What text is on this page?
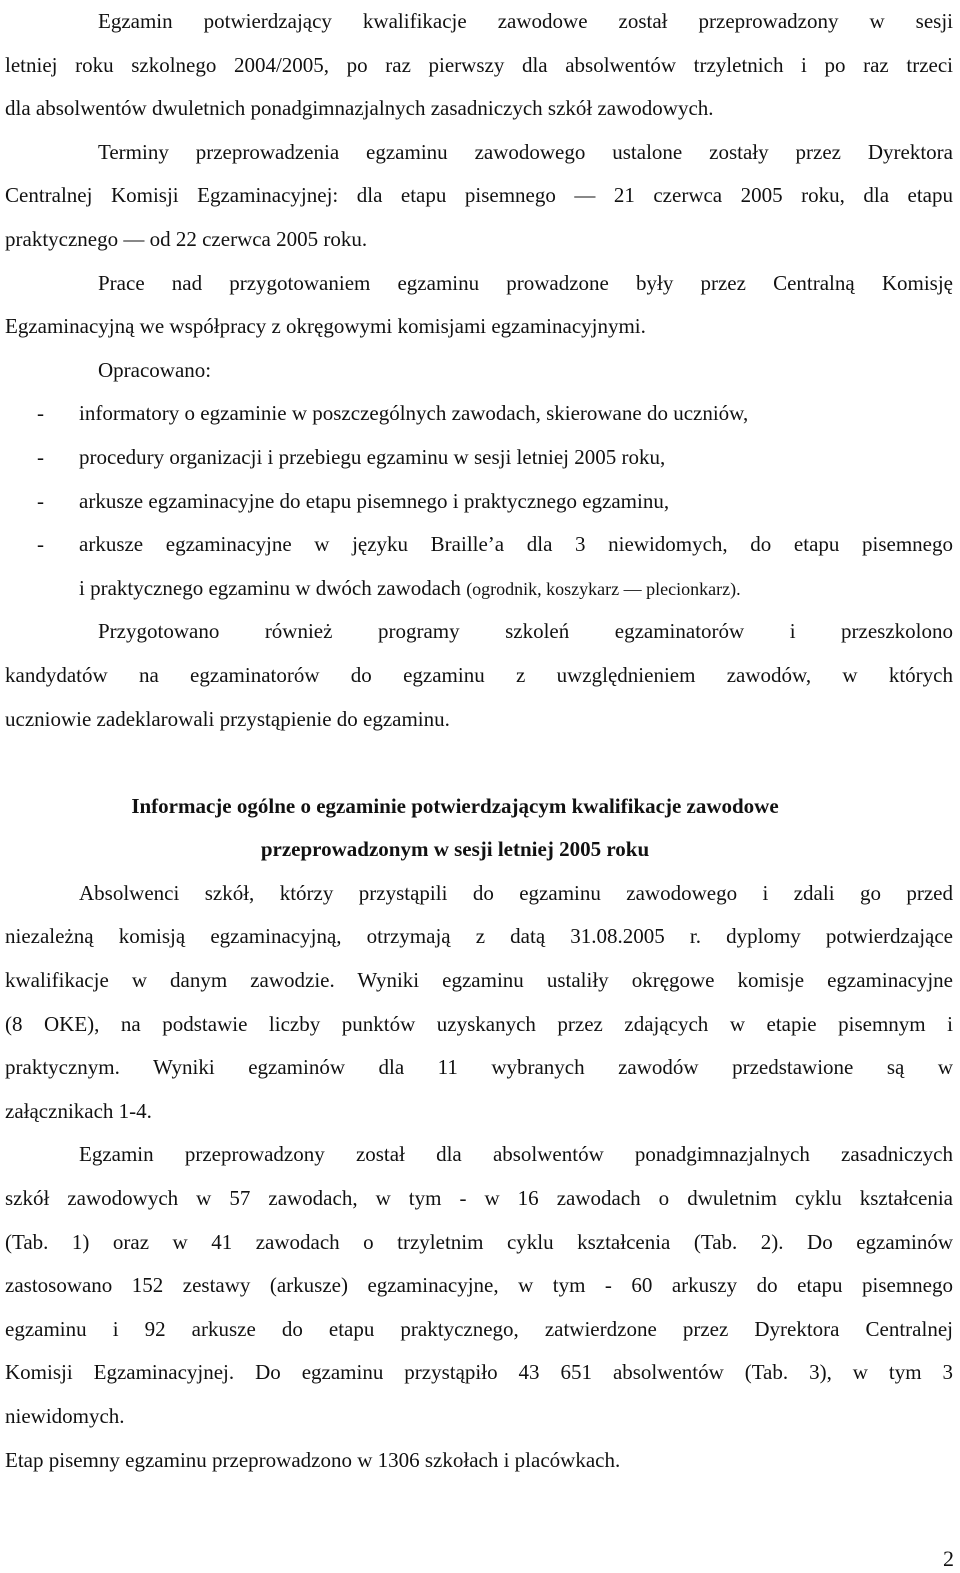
Egzamin potwierdzający kwalifikacje zawodowe został przeprowadzony w sesji
letniej roku szkolnego 2004/2005, po raz pierwszy dla absolwentów trzyletnich i po raz trzeci
dla absolwentów dwuletnich ponadgimnazjalnych zasadniczych szkół zawodowych.
Terminy przeprowadzenia egzaminu zawodowego ustalone zostały przez Dyrektora
Centralnej Komisji Egzaminacyjnej: dla etapu pisemnego — 21 czerwca 2005 roku, dla etapu
praktycznego — od 22 czerwca 2005 roku.
Prace nad przygotowaniem egzaminu prowadzone były przez Centralną Komisję
Egzaminacyjną we współpracy z okręgowymi komisjami egzaminacyjnymi.
Opracowano:
- informatory o egzaminie w poszczególnych zawodach, skierowane do uczniów,
- procedury organizacji i przebiegu egzaminu w sesji letniej 2005 roku,
- arkusze egzaminacyjne do etapu pisemnego i praktycznego egzaminu,
- arkusze egzaminacyjne w języku Braille’a dla 3 niewidomych, do etapu pisemnego
i praktycznego egzaminu w dwóch zawodach (ogrodnik, koszykarz — plecionkarz).
Przygotowano również programy szkoleń egzaminatorów i przeszkolono
kandydatów na egzaminatorów do egzaminu z uwzględnieniem zawodów, w których
uczniowie zadeklarowali przystąpienie do egzaminu.
Informacje ogólne o egzaminie potwierdzającym kwalifikacje zawodowe
przeprowadzonym w sesji letniej 2005 roku
Absolwenci szkół, którzy przystąpili do egzaminu zawodowego i zdali go przed
niezależną komisją egzaminacyjną, otrzymają z datą 31.08.2005 r. dyplomy potwierdzające
kwalifikacje w danym zawodzie. Wyniki egzaminu ustaliły okręgowe komisje egzaminacyjne
(8 OKE), na podstawie liczby punktów uzyskanych przez zdających w etapie pisemnym i
praktycznym. Wyniki egzaminów dla 11 wybranych zawodów przedstawione są w
załącznikach 1-4.
Egzamin przeprowadzony został dla absolwentów ponadgimnazjalnych zasadniczych
szkół zawodowych w 57 zawodach, w tym - w 16 zawodach o dwuletnim cyklu kształcenia
(Tab. 1) oraz w 41 zawodach o trzyletnim cyklu kształcenia (Tab. 2). Do egzaminów
zastosowano 152 zestawy (arkusze) egzaminacyjne, w tym - 60 arkuszy do etapu pisemnego
egzaminu i 92 arkusze do etapu praktycznego, zatwierdzone przez Dyrektora Centralnej
Komisji Egzaminacyjnej. Do egzaminu przystąpiło 43 651 absolwentów (Tab. 3), w tym 3
niewidomych.
Etap pisemny egzaminu przeprowadzono w 1306 szkołach i placówkach.
2
